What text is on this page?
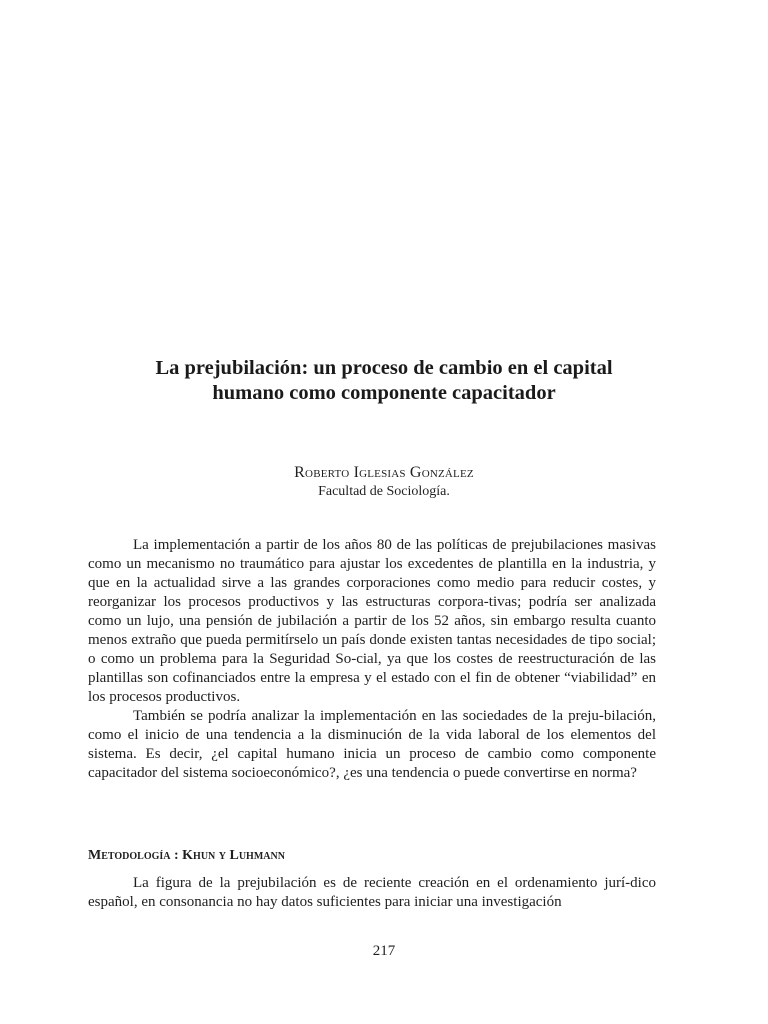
La prejubilación: un proceso de cambio en el capital
humano como componente capacitador

Roberto Iglesias González

Facultad de Sociología.

La implementación a partir de los años 80 de las políticas de prejubilaciones masivas como un mecanismo no traumático para ajustar los excedentes de plantilla en la industria, y que en la actualidad sirve a las grandes corporaciones como medio para reducir costes, y reorganizar los procesos productivos y las estructuras corpora-tivas; podría ser analizada como un lujo, una pensión de jubilación a partir de los 52 años, sin embargo resulta cuanto menos extraño que pueda permitírselo un país donde existen tantas necesidades de tipo social; o como un problema para la Seguridad So-cial, ya que los costes de reestructuración de las plantillas son cofinanciados entre la empresa y el estado con el fin de obtener “viabilidad” en los procesos productivos.

También se podría analizar la implementación en las sociedades de la preju-bilación, como el inicio de una tendencia a la disminución de la vida laboral de los elementos del sistema. Es decir, ¿el capital humano inicia un proceso de cambio como componente capacitador del sistema socioeconómico?, ¿es una tendencia o puede convertirse en norma?

Metodología : Khun y Luhmann

La figura de la prejubilación es de reciente creación en el ordenamiento jurí-dico español, en consonancia no hay datos suficientes para iniciar una investigación

217
